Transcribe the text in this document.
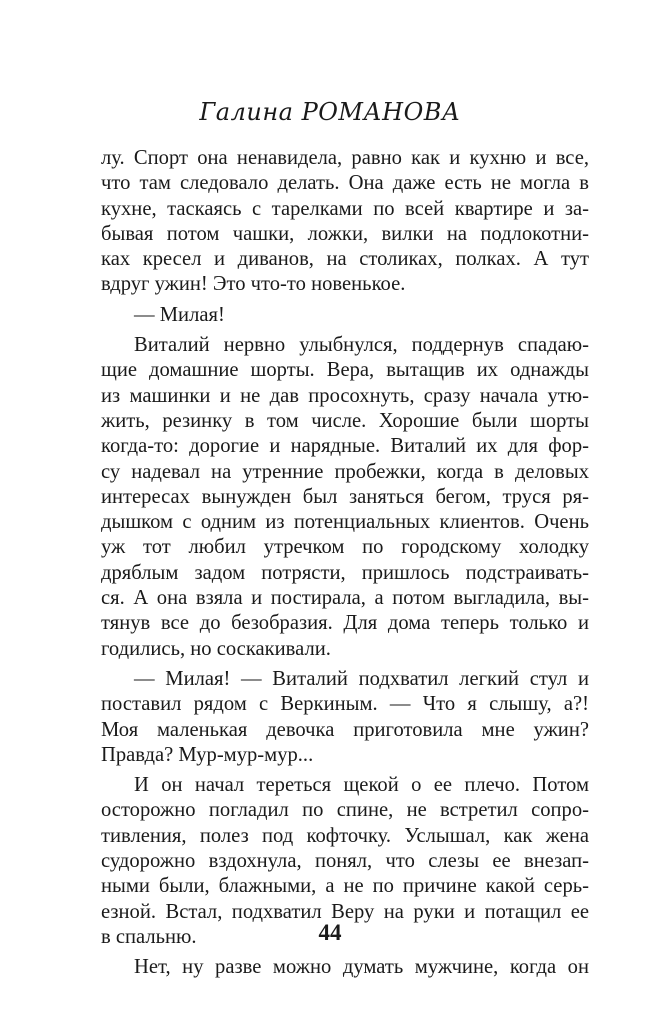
Галина РОМАНОВА
лу. Спорт она ненавидела, равно как и кухню и все,
что там следовало делать. Она даже есть не могла в
кухне, таскаясь с тарелками по всей квартире и за-
бывая потом чашки, ложки, вилки на подлокотни-
ках кресел и диванов, на столиках, полках. А тут
вдруг ужин! Это что-то новенькое.
— Милая!
Виталий нервно улыбнулся, поддернув спадаю-
щие домашние шорты. Вера, вытащив их однажды
из машинки и не дав просохнуть, сразу начала утю-
жить, резинку в том числе. Хорошие были шорты
когда-то: дорогие и нарядные. Виталий их для фор-
су надевал на утренние пробежки, когда в деловых
интересах вынужден был заняться бегом, труся ря-
дышком с одним из потенциальных клиентов. Очень
уж тот любил утречком по городскому холодку
дряблым задом потрясти, пришлось подстраивать-
ся. А она взяла и постирала, а потом выгладила, вы-
тянув все до безобразия. Для дома теперь только и
годились, но соскакивали.
— Милая! — Виталий подхватил легкий стул и
поставил рядом с Веркиным. — Что я слышу, а?!
Моя маленькая девочка приготовила мне ужин?
Правда? Мур-мур-мур...
И он начал тереться щекой о ее плечо. Потом
осторожно погладил по спине, не встретил сопро-
тивления, полез под кофточку. Услышал, как жена
судорожно вздохнула, понял, что слезы ее внезап-
ными были, блажными, а не по причине какой серь-
езной. Встал, подхватил Веру на руки и потащил ее
в спальню.
Нет, ну разве можно думать мужчине, когда он
44
